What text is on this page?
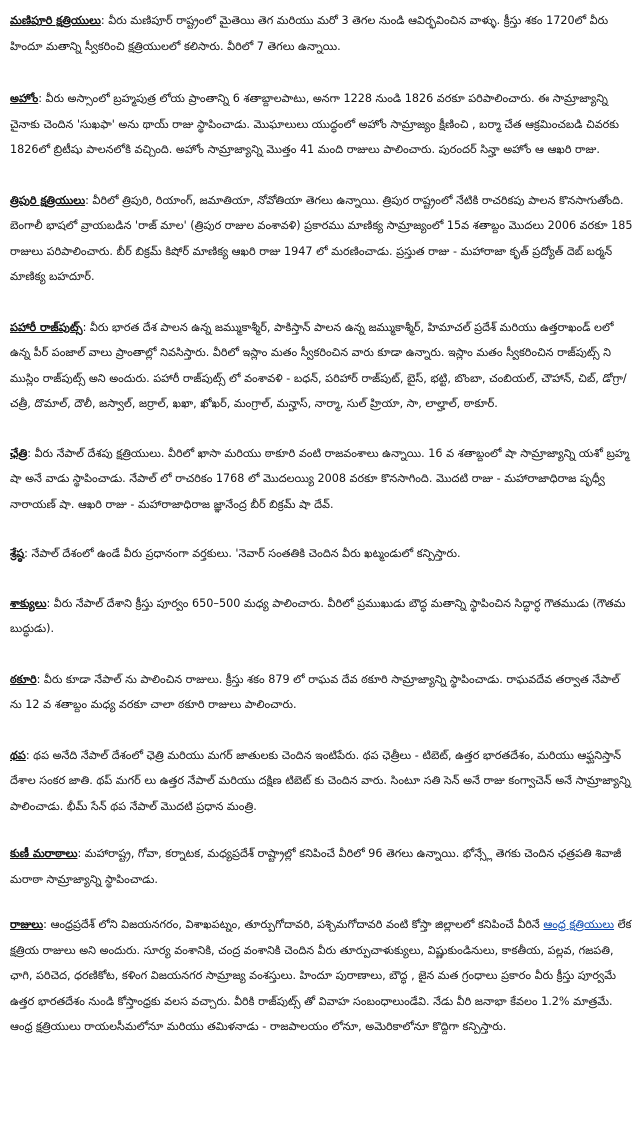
మణిపూరి క్షత్రియులు: వీరు మణిపూర్ రాష్ట్రంలో మైతెయి తెగ మరియు మరో 3 తెగల నుండి ఆవిర్భవించిన వాళ్ళు. క్రీస్తు శకం 1720లో వీరు హిందూ మతాన్ని స్వీకరించి క్షత్రియులలో కలిసారు. వీరిలో 7 తెగలు ఉన్నాయి.

అహోం: వీరు అస్సాంలో బ్రహ్మపుత్ర లోయ ప్రాంతాన్ని 6 శతాబ్దాలపాటు, అనగా 1228 నుండి 1826 వరకూ పరిపాలించారు. ఈ సామ్రాజ్యాన్ని చైనాకు చెందిన 'సుఖఫా' అను థాయ్ రాజు స్థాపించాడు. మొఘాలులు యుద్ధంలో అహోం సామ్రాజ్యం క్షీణించి , బర్మా చేత ఆక్రమించబడి చివరకు 1826లో బ్రిటీషు పాలనలోకి వచ్చింది. అహోం సామ్రాజ్యాన్ని మొత్తం 41 మంది రాజులు పాలించారు. పురందర్ సిన్హా అహోం ఆ ఆఖరి రాజు.

త్రిపురి క్షత్రియులు: వీరిలో త్రిపురి, రియాంగ్, జమాతియా, నోవోతియా తెగలు ఉన్నాయి. త్రిపుర రాష్ట్రంలో నేటికి రాచరికపు పాలన కొనసాగుతోంది. బెంగాలీ భాషలో వ్రాయబడిన 'రాజ్ మాల' (త్రిపుర రాజుల వంశావళి) ప్రకారము మాణిక్య సామ్రాజ్యంలో 15వ శతాబ్దం మొదలు 2006 వరకూ 185 రాజులు పరిపాలించారు. బీర్ బిక్రమ్ కిషోర్ మాణిక్య ఆఖరి రాజు 1947 లో మరణించాడు. ప్రస్తుత రాజు - మహారాజా కృత్ ప్రద్యోత్ దెబ్ బర్మన్ మాణిక్య బహదూర్.

పహారీ రాజ్‌పుట్స్: వీరు భారత దేశ పాలన ఉన్న జమ్ముకాశ్మీర్, పాకిస్తాన్ పాలన ఉన్న జమ్ముకాశ్మీర్, హిమాచల్ ప్రదేశ్ మరియు ఉత్తరాఖండ్ లలో ఉన్న పీర్ పంజాల్ వాలు ప్రాంతాల్లో నివసిస్తారు. వీరిలో ఇస్లాం మతం స్వీకరించిన వారు కూడా ఉన్నారు. ఇస్లాం మతం స్వీకరించిన రాజ్‌పుట్స్ ని ముస్లిం రాజ్‌పుట్స్ అని అందురు. పహారీ రాజ్‌పుట్స్ లో వంశావళి - బధన్, పరిహార్ రాజ్‌పుట్, బైస్, భట్టి, బొంబా, చంబియల్, చౌహాన్, చిబ్, డోగ్రా/చత్రీ, దొమాల్, దౌలీ, జస్వాల్, జర్రాల్, ఖఖా, ఖోఖర్, మంగ్రాల్, మన్హాస్, నార్మా, సుల్ హ్రియా, సా, లాల్హాల్, ఠాకూర్.

ఛేత్రి: వీరు నేపాల్ దేశపు క్షత్రియులు. వీరిలో ఖాసా మరియు ఠాకూరి వంటి రాజవంశాలు ఉన్నాయి. 16 వ శతాబ్దంలో షా సామ్రాజ్యాన్ని యశో బ్రహ్మ షా అనే వాడు స్థాపించాడు. నేపాల్ లో రాచరికం 1768 లో మొదలయ్యి 2008 వరకూ కొనసాగింది. మొదటి రాజు - మహారాజాధిరాజ పృధ్వీ నారాయణ్ షా. ఆఖరి రాజు - మహారాజాధిరాజ జ్ఞానేంద్ర బీర్ బిక్రమ్ షా దేవ్.

శ్రేష్ఠ: నేపాల్ దేశంలో ఉండే వీరు ప్రధానంగా వర్తకులు. 'నెవార్ సంతతికి చెందిన వీరు ఖట్మండులో కన్పిస్తారు.

శాక్యులు: వీరు నేపాల్ దేశాని క్రీస్తు పూర్వం 650–500 మధ్య పాలించారు. వీరిలో ప్రముఖుడు బౌద్ధ మతాన్ని స్థాపించిన సిద్ధార్ధ గౌతముడు (గౌతమ బుద్ధుడు).

ఠకూరి: వీరు కూడా నేపాల్ ను పాలించిన రాజులు. క్రీస్తు శకం 879 లో రాఘవ దేవ ఠకూరి సామ్రాజ్యాన్ని స్థాపించాడు. రాఘవదేవ తర్వాత నేపాల్ ను 12 వ శతాబ్దం మధ్య వరకూ చాలా ఠకూరి రాజులు పాలించారు.

థప: థప అనేది నేపాల్ దేశంలో ఛెత్రి మరియు మగర్ జాతులకు చెందిన ఇంటిపేరు. థప ఛెత్రీలు - టిబెట్, ఉత్తర భారతదేశం, మరియు ఆఫ్ఘనిస్తాన్ దేశాల సంకర జాతి. థప్ మగర్ లు ఉత్తర నేపాల్ మరియు దక్షిణ టిబెట్ కు చెందిన వారు. సింటూ సతి సెన్ అనే రాజు కంగ్వాచెన్ అనే సామ్రాజ్యాన్ని పాలించాడు. భీమ్ సేన్ థప నేపాల్ మొదటి ప్రధాన మంత్రి.

కుణీ మరాఠాలు: మహారాష్ట్ర, గోవా, కర్నాటక, మధ్యప్రదేశ్ రాష్ట్రాల్లో కనిపించే వీరిలో 96 తెగలు ఉన్నాయి. భోన్స్లే తెగకు చెందిన ఛత్రపతి శివాజీ మరాఠా సామ్రాజ్యాన్ని స్థాపించాడు.

రాజులు: ఆంధ్రప్రదేశ్ లోని విజయనగరం, విశాఖపట్నం, తూర్పుగోదావరి, పశ్చిమగోదావరి వంటి కోస్తా జిల్లాలలో కనిపించే వీరినే ఆంధ్ర క్షత్రియులు లేక క్షత్రియ రాజులు అని అందురు. సూర్య వంశానికి, చంద్ర వంశానికి చెందిన వీరు తూర్పుచాళుక్యులు, విష్ణుకుండినులు, కాకతీయ, పల్లవ, గజపతి, ఛాగి, పరిచెద, ధరణికోట, కళింగ విజయనగర సామ్రాజ్య వంశస్తులు. హిందూ పురాణాలు, బౌద్ధ , జైన మత గ్రంధాలు ప్రకారం వీరు క్రీస్తు పూర్వమే ఉత్తర భారతదేశం నుండి కోస్తాంధ్రకు వలస వచ్చారు. వీరికి రాజ్‌పుట్స్ తో వివాహ సంబంధాలుండేవి. నేడు వీరి జనాభా కేవలం 1.2% మాత్రమే. ఆంధ్ర క్షత్రియులు రాయలసీమలోనూ మరియు తమిళనాడు - రాజపాలయం లోనూ, అమెరికాలోనూ కొద్దిగా కన్పిస్తారు.
